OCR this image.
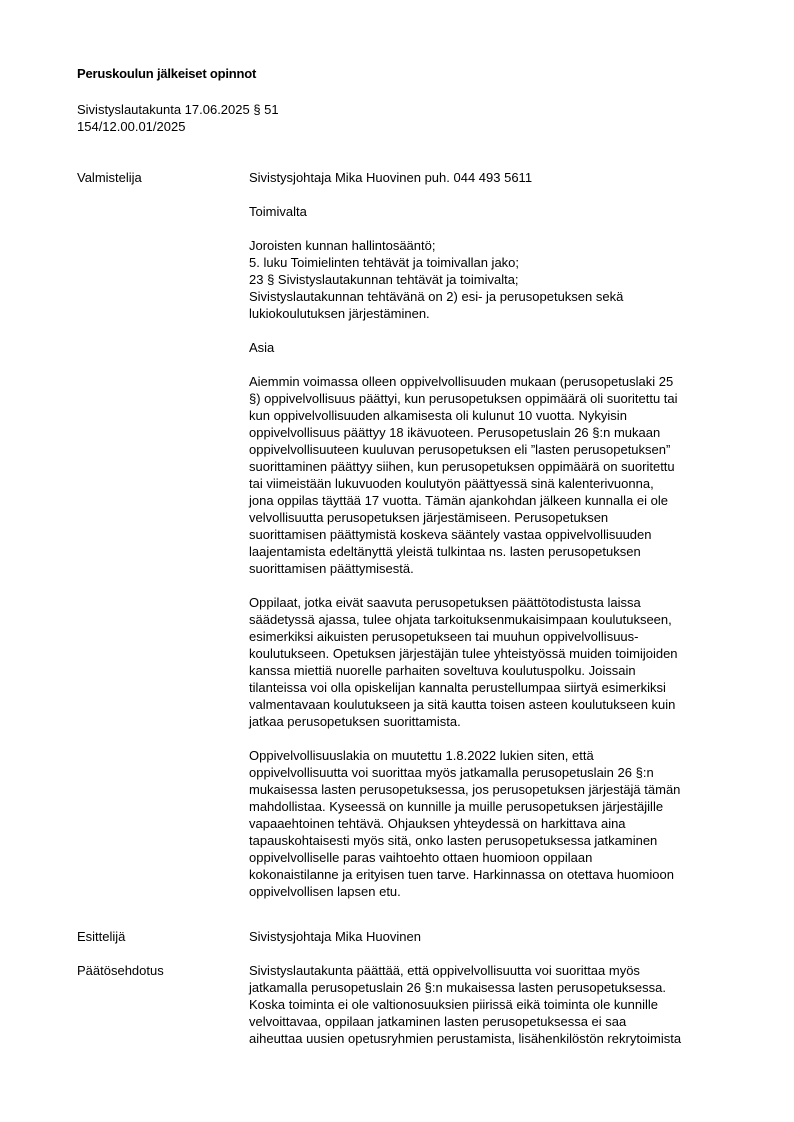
Peruskoulun jälkeiset opinnot
Sivistyslautakunta 17.06.2025 § 51
154/12.00.01/2025
Valmistelija	Sivistysjohtaja Mika Huovinen puh. 044 493 5611

Toimivalta

Joroisten kunnan hallintosääntö;
5. luku Toimielinten tehtävät ja toimivallan jako;
23 § Sivistyslautakunnan tehtävät ja toimivalta;
Sivistyslautakunnan tehtävänä on 2) esi- ja perusopetuksen sekä
lukiokoulutuksen järjestäminen.

Asia

Aiemmin voimassa olleen oppivelvollisuuden mukaan (perusopetuslaki 25
§) oppivelvollisuus päättyi, kun perusopetuksen oppimäärä oli suoritettu tai
kun oppivelvollisuuden alkamisesta oli kulunut 10 vuotta. Nykyisin
oppivelvollisuus päättyy 18 ikävuoteen. Perusopetuslain 26 §:n mukaan
oppivelvollisuuteen kuuluvan perusopetuksen eli ”lasten perusopetuksen”
suorittaminen päättyy siihen, kun perusopetuksen oppimäärä on suoritettu
tai viimeistään lukuvuoden koulutyön päättyessä sinä kalenterivuonna,
jona oppilas täyttää 17 vuotta. Tämän ajankohdan jälkeen kunnalla ei ole
velvollisuutta perusopetuksen järjestämiseen. Perusopetuksen
suorittamisen päättymistä koskeva sääntely vastaa oppivelvollisuuden
laajentamista edeltänyttä yleistä tulkintaa ns. lasten perusopetuksen
suorittamisen päättymisestä.

Oppilaat, jotka eivät saavuta perusopetuksen päättötodistusta laissa
säädetyssä ajassa, tulee ohjata tarkoituksenmukaisimpaan koulutukseen,
esimerkiksi aikuisten perusopetukseen tai muuhun oppivelvollisuus-
koulutukseen. Opetuksen järjestäjän tulee yhteistyössä muiden toimijoiden
kanssa miettiä nuorelle parhaiten soveltuva koulutuspolku. Joissain
tilanteissa voi olla opiskelijan kannalta perustellumpaa siirtyä esimerkiksi
valmentavaan koulutukseen ja sitä kautta toisen asteen koulutukseen kuin
jatkaa perusopetuksen suorittamista.

Oppivelvollisuuslakia on muutettu 1.8.2022 lukien siten, että
oppivelvollisuutta voi suorittaa myös jatkamalla perusopetuslain 26 §:n
mukaisessa lasten perusopetuksessa, jos perusopetuksen järjestäjä tämän
mahdollistaa. Kyseessä on kunnille ja muille perusopetuksen järjestäjille
vapaaehtoinen tehtävä. Ohjauksen yhteydessä on harkittava aina
tapauskohtaisesti myös sitä, onko lasten perusopetuksessa jatkaminen
oppivelvolliselle paras vaihtoehto ottaen huomioon oppilaan
kokonaistilanne ja erityisen tuen tarve. Harkinnassa on otettava huomioon
oppivelvollisen lapsen etu.

Esittelijä	Sivistysjohtaja Mika Huovinen
Päätösehdotus	Sivistyslautakunta päättää, että oppivelvollisuutta voi suorittaa myös
jatkamalla perusopetuslain 26 §:n mukaisessa lasten perusopetuksessa.
Koska toiminta ei ole valtionosuuksien piirissä eikä toiminta ole kunnille
velvoittavaa, oppilaan jatkaminen lasten perusopetuksessa ei saa
aiheuttaa uusien opetusryhmien perustamista, lisähenkilöstön rekrytoimista
